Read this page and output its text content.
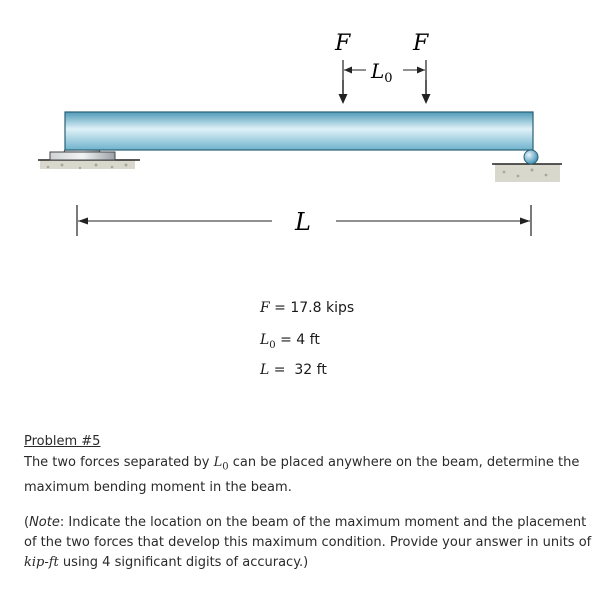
F	F
$L_0$
L
F = 17.8 kips
$L_0 = 4$ ft
L =  32 ft
Problem #5
The two forces separated by $L_0$ can be placed anywhere on the beam, determine the maximum bending moment in the beam.
(Note: Indicate the location on the beam of the maximum moment and the placement of the two forces that develop this maximum condition. Provide your answer in units of kip-ft using 4 significant digits of accuracy.)
